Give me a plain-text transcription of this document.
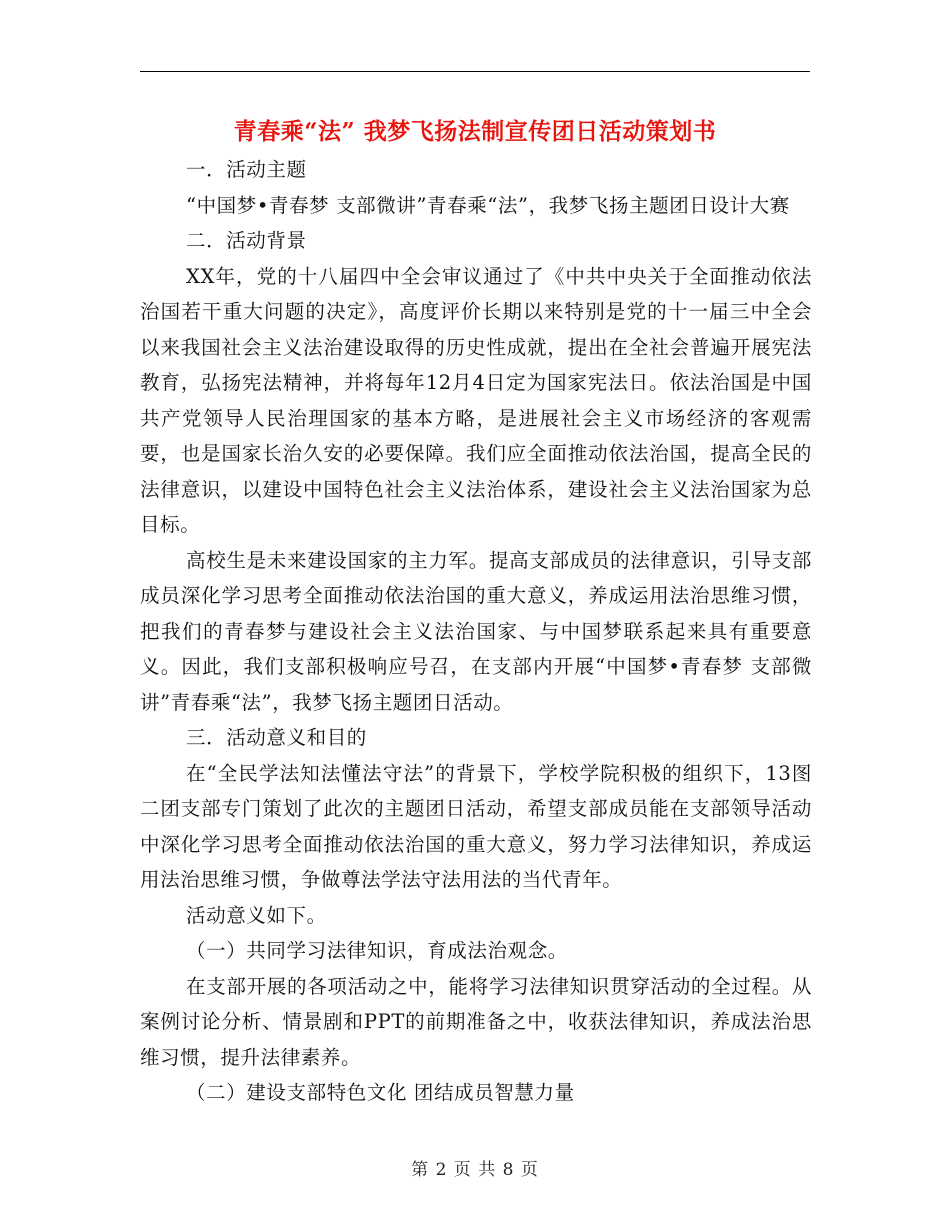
青春乘“法” 我梦飞扬法制宣传团日活动策划书

一．活动主题

“中国梦•青春梦 支部微讲”青春乘“法”，我梦飞扬主题团日设计大赛

二．活动背景

XX年，党的十八届四中全会审议通过了《中共中央关于全面推动依法治国若干重大问题的决定》，高度评价长期以来特别是党的十一届三中全会以来我国社会主义法治建设取得的历史性成就，提出在全社会普遍开展宪法教育，弘扬宪法精神，并将每年12月4日定为国家宪法日。依法治国是中国共产党领导人民治理国家的基本方略，是进展社会主义市场经济的客观需要，也是国家长治久安的必要保障。我们应全面推动依法治国，提高全民的法律意识，以建设中国特色社会主义法治体系，建设社会主义法治国家为总目标。

高校生是未来建设国家的主力军。提高支部成员的法律意识，引导支部成员深化学习思考全面推动依法治国的重大意义，养成运用法治思维习惯，把我们的青春梦与建设社会主义法治国家、与中国梦联系起来具有重要意义。因此，我们支部积极响应号召，在支部内开展“中国梦•青春梦 支部微讲”青春乘“法”，我梦飞扬主题团日活动。

三．活动意义和目的

在“全民学法知法懂法守法”的背景下，学校学院积极的组织下，13图二团支部专门策划了此次的主题团日活动，希望支部成员能在支部领导活动中深化学习思考全面推动依法治国的重大意义，努力学习法律知识，养成运用法治思维习惯，争做尊法学法守法用法的当代青年。

活动意义如下。

（一）共同学习法律知识，育成法治观念。

在支部开展的各项活动之中，能将学习法律知识贯穿活动的全过程。从案例讨论分析、情景剧和PPT的前期准备之中，收获法律知识，养成法治思维习惯，提升法律素养。

（二）建设支部特色文化 团结成员智慧力量

第 2 页 共 8 页
